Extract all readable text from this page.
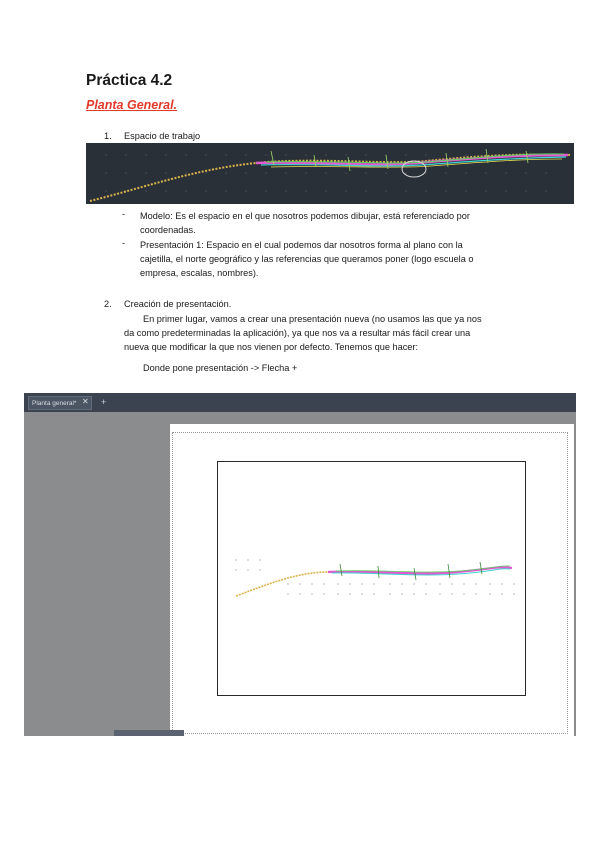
Práctica 4.2
Planta General.
1. Espacio de trabajo
- Modelo: Es el espacio en el que nosotros podemos dibujar, está referenciado por
coordenadas.
- Presentación 1: Espacio en el cual podemos dar nosotros forma al plano con la
cajetilla, el norte geográfico y las referencias que queramos poner (logo escuela o
empresa, escalas, nombres).
2. Creación de presentación.
En primer lugar, vamos a crear una presentación nueva (no usamos las que ya nos
da como predeterminadas la aplicación), ya que nos va a resultar más fácil crear una
nueva que modificar la que nos vienen por defecto. Tenemos que hacer:
Donde pone presentación -> Flecha +
Planta general* ✕ +
